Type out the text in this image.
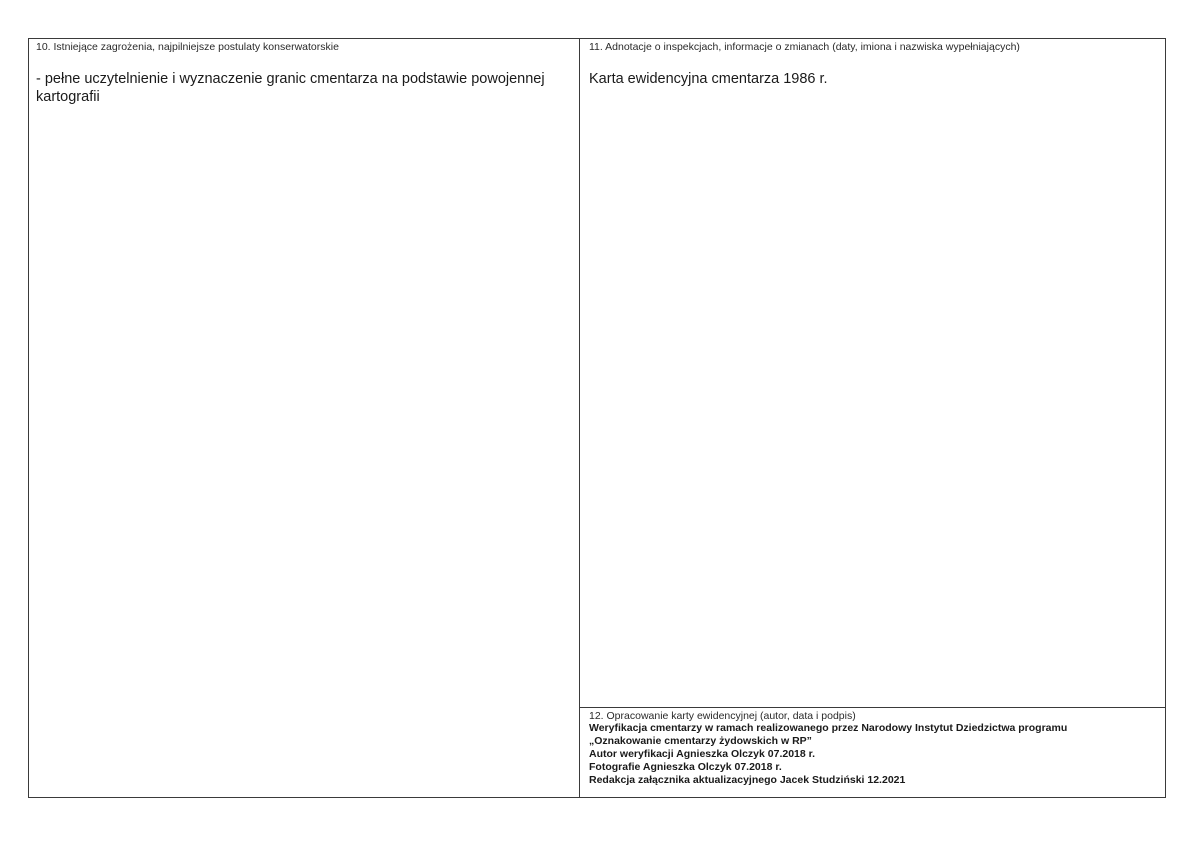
10. Istniejące zagrożenia, najpilniejsze postulaty konserwatorskie
- pełne uczytelnienie i wyznaczenie granic cmentarza na podstawie powojennej
kartografii
11. Adnotacje o inspekcjach, informacje o zmianach (daty, imiona i nazwiska wypełniających)
Karta ewidencyjna cmentarza 1986 r.
12. Opracowanie karty ewidencyjnej (autor, data i podpis)
Weryfikacja cmentarzy w ramach realizowanego przez Narodowy Instytut Dziedzictwa programu
„Oznakowanie cmentarzy żydowskich w RP”
Autor weryfikacji Agnieszka Olczyk 07.2018 r.
Fotografie Agnieszka Olczyk 07.2018 r.
Redakcja załącznika aktualizacyjnego Jacek Studziński 12.2021
